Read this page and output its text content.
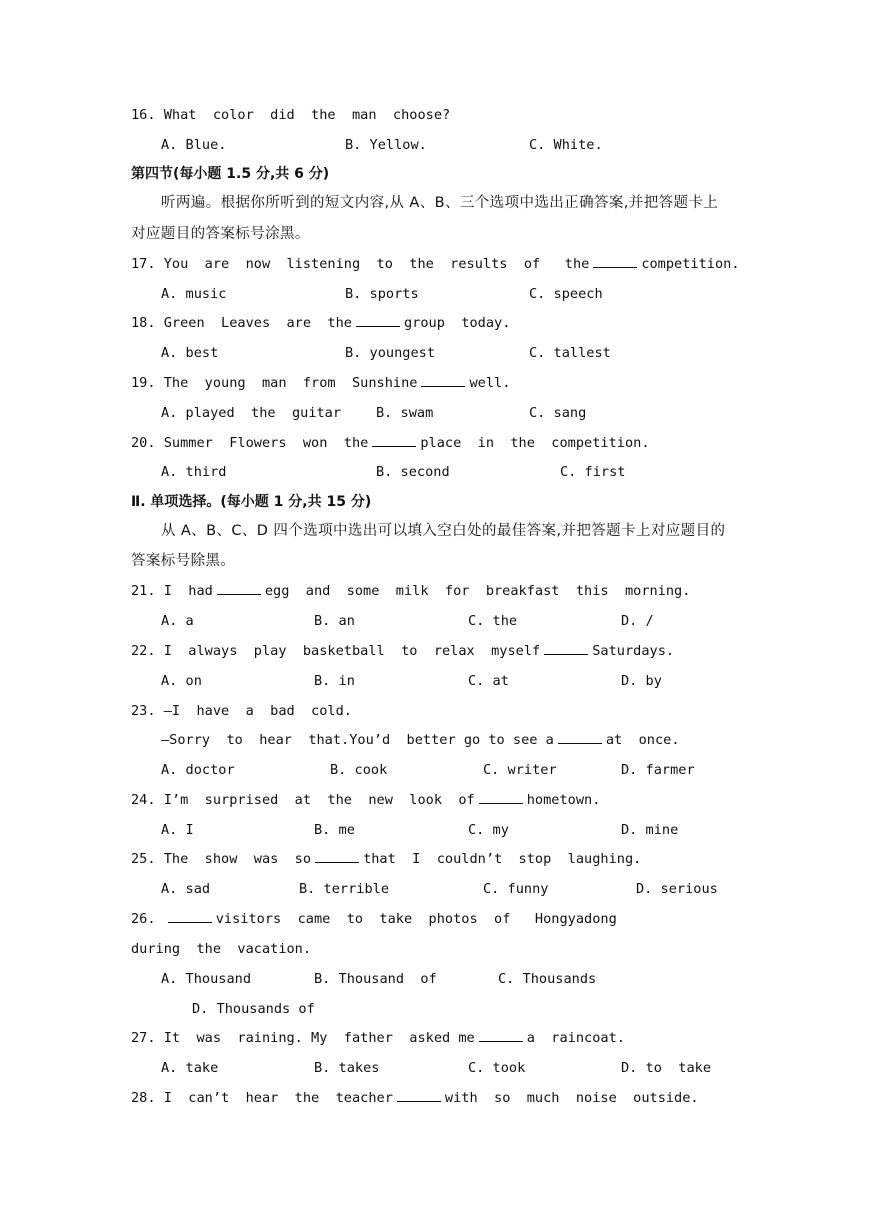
16. What  color  did  the  man  choose?
A. Blue.	B. Yellow.	C. White.
第四节(每小题 1.5 分,共 6 分)
听两遍。根据你所听到的短文内容,从 A、B、三个选项中选出正确答案,并把答题卡上
对应题目的答案标号涂黑。
17. You  are  now  listening  to  the  results  of   the	competition.
A. music	B. sports	C. speech
18. Green  Leaves  are  the	group  today.
A. best	B. youngest	C. tallest
19. The  young  man  from  Sunshine	well.
A. played  the  guitar	B. swam	C. sang
20. Summer  Flowers  won  the	place  in  the  competition.
A. third	B. second	C. first
Ⅱ. 单项选择。(每小题 1 分,共 15 分)
从 A、B、C、D 四个选项中选出可以填入空白处的最佳答案,并把答题卡上对应题目的
答案标号除黑。
21. I  had	egg  and  some  milk  for  breakfast  this  morning.
A. a	B. an	C. the	D. /
22. I  always  play  basketball  to  relax  myself	Saturdays.
A. on	B. in	C. at	D. by
23. —I  have  a  bad  cold.
—Sorry  to  hear  that.You’d  better go to see a	at  once.
A. doctor	B. cook	C. writer	D. farmer
24. I’m  surprised  at  the  new  look  of	hometown.
A. I	B. me	C. my	D. mine
25. The  show  was  so	that  I  couldn’t  stop  laughing.
A. sad	B. terrible	C. funny	D. serious
26.	visitors  came  to  take  photos  of   Hongyadong
during  the  vacation.
A. Thousand	B. Thousand  of	C. Thousands
D. Thousands of
27. It  was  raining. My  father  asked me	a  raincoat.
A. take	B. takes	C. took	D. to  take
28. I  can’t  hear  the  teacher	with  so  much  noise  outside.
